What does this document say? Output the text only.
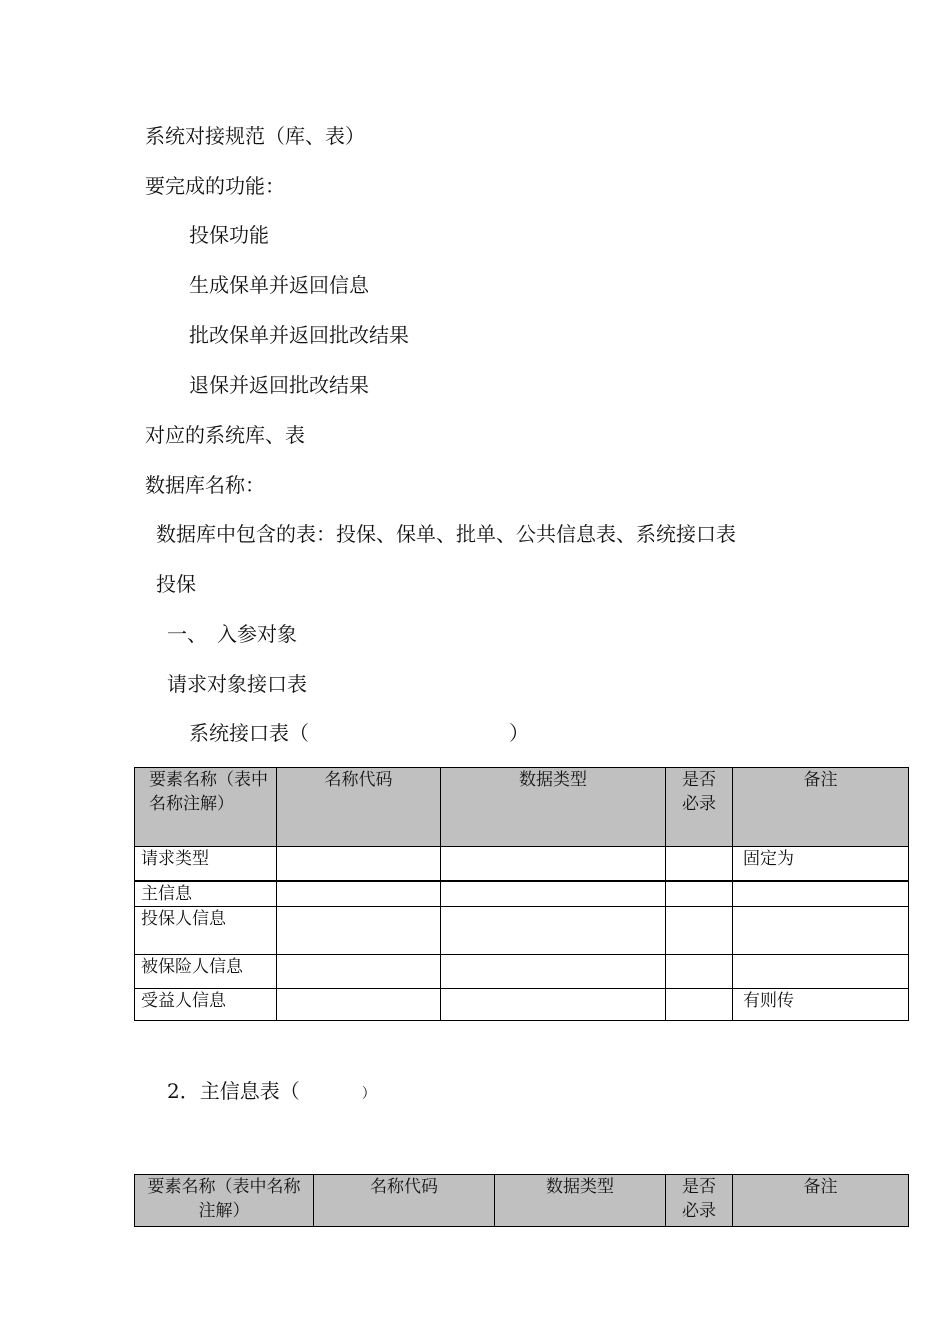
系统对接规范（库、表）
要完成的功能：
投保功能
生成保单并返回信息
批改保单并返回批改结果
退保并返回批改结果
对应的系统库、表
数据库名称：
数据库中包含的表：投保、保单、批单、公共信息表、系统接口表
投保
一、　入参对象
请求对象接口表
系统接口表（	）
要素名称（表中名称注解）	名称代码	数据类型	是否必录	备注
请求类型				固定为
主信息				
投保人信息				
被保险人信息				
受益人信息				有则传
2．主信息表（	）
要素名称（表中名称注解）	名称代码	数据类型	是否必录	备注
